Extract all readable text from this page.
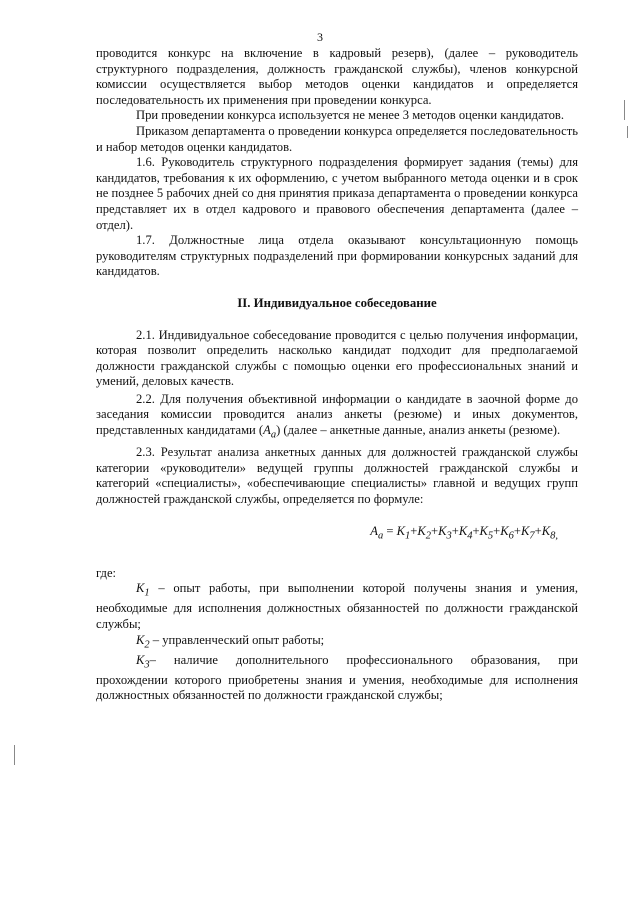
3

проводится конкурс на включение в кадровый резерв), (далее – руководитель структурного подразделения, должность гражданской службы), членов конкурсной комиссии осуществляется выбор методов оценки кандидатов и определяется последовательность их применения при проведении конкурса.

При проведении конкурса используется не менее 3 методов оценки кандидатов.

Приказом департамента о проведении конкурса определяется последовательность и набор методов оценки кандидатов.

1.6. Руководитель структурного подразделения формирует задания (темы) для кандидатов, требования к их оформлению, с учетом выбранного метода оценки и в срок не позднее 5 рабочих дней со дня принятия приказа департамента о проведении конкурса представляет их в отдел кадрового и правового обеспечения департамента (далее – отдел).

1.7. Должностные лица отдела оказывают консультационную помощь руководителям структурных подразделений при формировании конкурсных заданий для кандидатов.

II. Индивидуальное собеседование

2.1. Индивидуальное собеседование проводится с целью получения информации, которая позволит определить насколько кандидат подходит для предполагаемой должности гражданской службы с помощью оценки его профессиональных знаний и умений, деловых качеств.

2.2. Для получения объективной информации о кандидате в заочной форме до заседания комиссии проводится анализ анкеты (резюме) и иных документов, представленных кандидатами $(А_а)$ (далее – анкетные данные, анализ анкеты (резюме).

2.3. Результат анализа анкетных данных для должностей гражданской службы категории «руководители» ведущей группы должностей гражданской службы и категорий «специалисты», «обеспечивающие специалисты» главной и ведущих групп должностей гражданской службы, определяется по формуле:

$А_а = К_1+К_2+К_3+К_4+К_5+К_6+К_7+К_{8,}$

где:

$К_1$ – опыт работы, при выполнении которой получены знания и умения, необходимые для исполнения должностных обязанностей по должности гражданской службы;

$К_2$ – управленческий опыт работы;

$К_3-$ наличие дополнительного профессионального образования, при прохождении которого приобретены знания и умения, необходимые для исполнения должностных обязанностей по должности гражданской службы;
